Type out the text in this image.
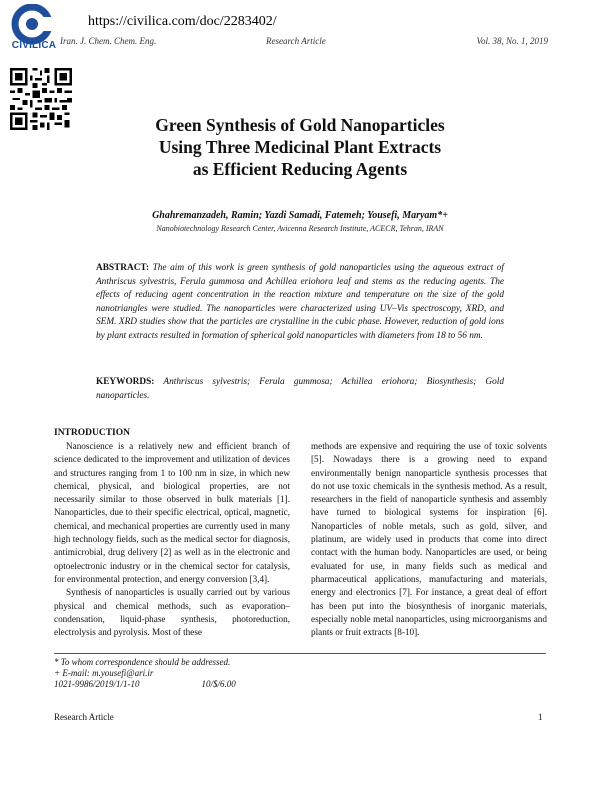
CIVILICA
https://civilica.com/doc/2283402/
Iran. J. Chem. Chem. Eng.	Research Article	Vol. 38, No. 1, 2019
Green Synthesis of Gold Nanoparticles
Using Three Medicinal Plant Extracts
as Efficient Reducing Agents
Ghahremanzadeh, Ramin; Yazdi Samadi, Fatemeh; Yousefi, Maryam*+
Nanobiotechnology Research Center, Avicenna Research Institute, ACECR, Tehran, IRAN
ABSTRACT: The aim of this work is green synthesis of gold nanoparticles using the aqueous extract of Anthriscus sylvestris, Ferula gummosa and Achillea eriohora leaf and stems as the reducing agents. The effects of reducing agent concentration in the reaction mixture and temperature on the size of the gold nanotriangles were studied. The nanoparticles were characterized using UV–Vis spectroscopy, XRD, and SEM. XRD studies show that the particles are crystalline in the cubic phase. However, reduction of gold ions by plant extracts resulted in formation of spherical gold nanoparticles with diameters from 18 to 56 nm.
KEYWORDS: Anthriscus sylvestris; Ferula gummosa; Achillea eriohora; Biosynthesis; Gold nanoparticles.
INTRODUCTION

Nanoscience is a relatively new and efficient branch of science dedicated to the improvement and utilization of devices and structures ranging from 1 to 100 nm in size, in which new chemical, physical, and biological properties, are not necessarily similar to those observed in bulk materials [1]. Nanoparticles, due to their specific electrical, optical, magnetic, chemical, and mechanical properties are currently used in many high technology fields, such as the medical sector for diagnosis, antimicrobial, drug delivery [2] as well as in the electronic and optoelectronic industry or in the chemical sector for catalysis, for environmental protection, and energy conversion [3,4].

Synthesis of nanoparticles is usually carried out by various physical and chemical methods, such as evaporation–condensation, liquid-phase synthesis, photoreduction, electrolysis and pyrolysis. Most of these

methods are expensive and requiring the use of toxic solvents [5]. Nowadays there is a growing need to expand environmentally benign nanoparticle synthesis processes that do not use toxic chemicals in the synthesis method. As a result, researchers in the field of nanoparticle synthesis and assembly have turned to biological systems for inspiration [6]. Nanoparticles of noble metals, such as gold, silver, and platinum, are widely used in products that come into direct contact with the human body. Nanoparticles are used, or being evaluated for use, in many fields such as medical and pharmaceutical applications, manufacturing and materials, energy and electronics [7]. For instance, a great deal of effort has been put into the biosynthesis of inorganic materials, especially noble metal nanoparticles, using microorganisms and plants or fruit extracts [8-10].

* To whom correspondence should be addressed.
+ E-mail: m.yousefi@ari.ir
1021-9986/2019/1/1-10	10/$/6.00
Research Article	1
